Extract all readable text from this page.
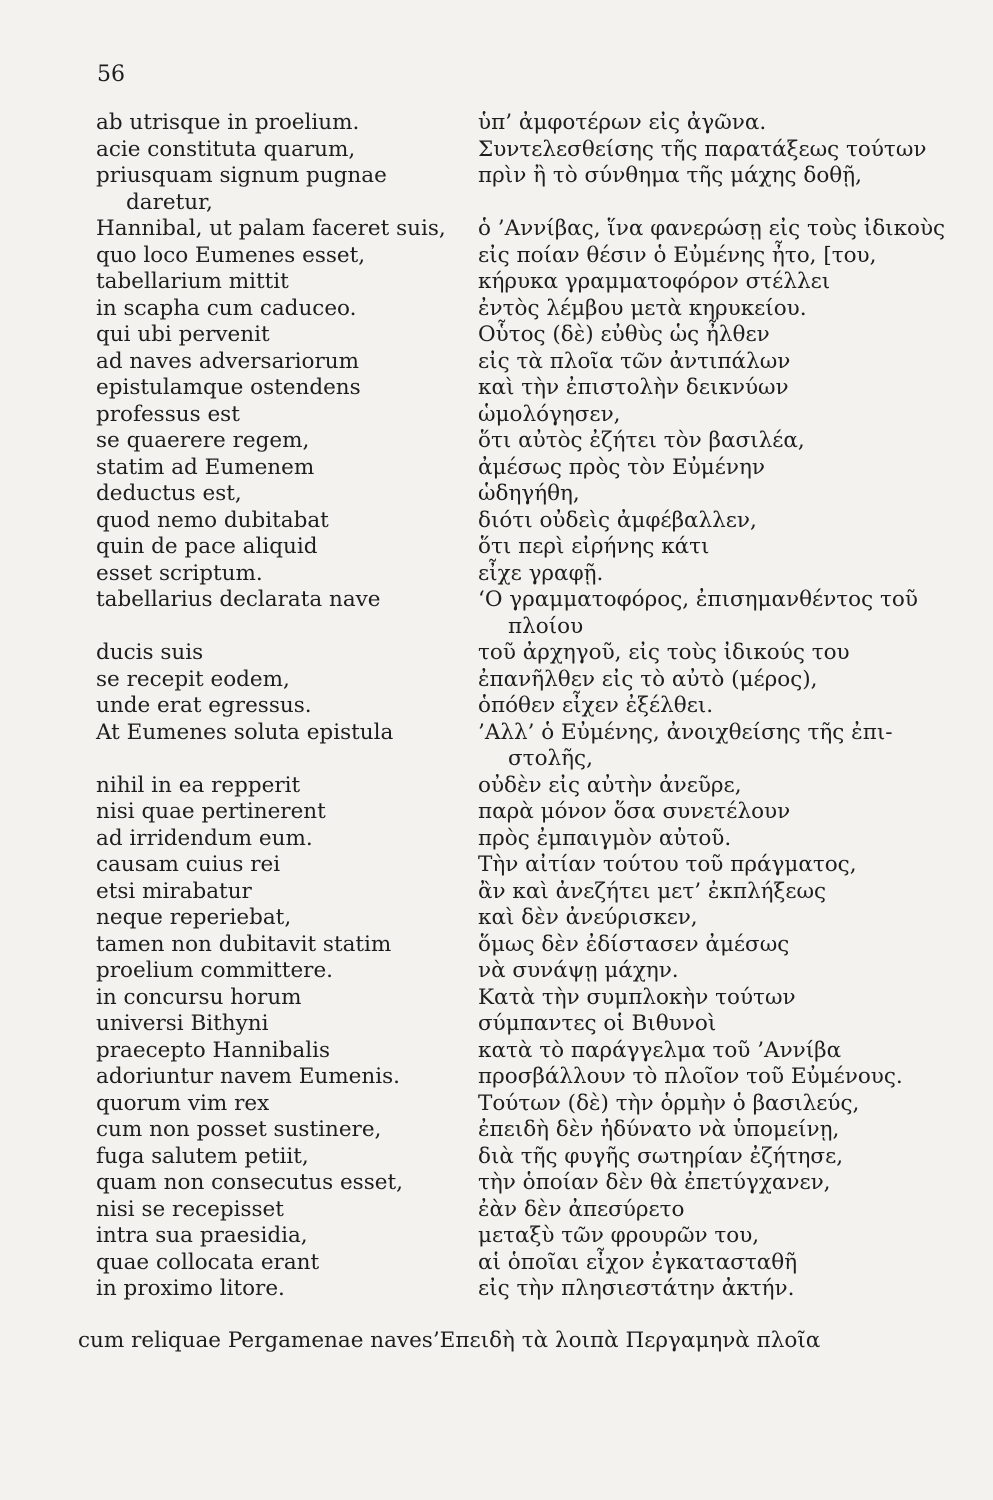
56
ab utrisque in proelium.
acie constituta quarum,
priusquam signum pugnae
daretur,
Hannibal, ut palam faceret suis,
quo loco Eumenes esset,
tabellarium mittit
in scapha cum caduceo.
qui ubi pervenit
ad naves adversariorum
epistulamque ostendens
professus est
se quaerere regem,
statim ad Eumenem
deductus est,
quod nemo dubitabat
quin de pace aliquid
esset scriptum.
tabellarius declarata nave
ducis suis
se recepit eodem,
unde erat egressus.
At Eumenes soluta epistula
nihil in ea repperit
nisi quae pertinerent
ad irridendum eum.
causam cuius rei
etsi mirabatur
neque reperiebat,
tamen non dubitavit statim
proelium committere.
in concursu horum
universi Bithyni
praecepto Hannibalis
adoriuntur navem Eumenis.
quorum vim rex
cum non posset sustinere,
fuga salutem petiit,
quam non consecutus esset,
nisi se recepisset
intra sua praesidia,
quae collocata erant
in proximo litore.
ὑπ’ ἀμφοτέρων εἰς ἀγῶνα.
Συντελεσθείσης τῆς παρατάξεως τούτων
πρὶν ἢ τὸ σύνθημα τῆς μάχης δοθῇ,
ὁ ’Αννίβας, ἵνα φανερώσῃ εἰς τοὺς ἰδικοὺς
εἰς ποίαν θέσιν ὁ Εὐμένης ἦτο, [του,
κήρυκα γραμματοφόρον στέλλει
ἐντὸς λέμβου μετὰ κηρυκείου.
Οὗτος (δὲ) εὐθὺς ὡς ἦλθεν
εἰς τὰ πλοῖα τῶν ἀντιπάλων
καὶ τὴν ἐπιστολὴν δεικνύων
ὡμολόγησεν,
ὅτι αὐτὸς ἐζήτει τὸν βασιλέα,
ἀμέσως πρὸς τὸν Εὐμένην
ὡδηγήθη,
διότι οὐδεὶς ἀμφέβαλλεν,
ὅτι περὶ εἰρήνης κάτι
εἶχε γραφῇ.
‘Ο γραμματοφόρος, ἐπισημανθέντος τοῦ
πλοίου
τοῦ ἀρχηγοῦ, εἰς τοὺς ἰδικούς του
ἐπανῆλθεν εἰς τὸ αὐτὸ (μέρος),
ὁπόθεν εἶχεν ἐξέλθει.
’Αλλ’ ὁ Εὐμένης, ἀνοιχθείσης τῆς ἐπι-
στολῆς,
οὐδὲν εἰς αὐτὴν ἀνεῦρε,
παρὰ μόνον ὅσα συνετέλουν
πρὸς ἐμπαιγμὸν αὐτοῦ.
Τὴν αἰτίαν τούτου τοῦ πράγματος,
ἂν καὶ ἀνεζήτει μετ’ ἐκπλήξεως
καὶ δὲν ἀνεύρισκεν,
ὅμως δὲν ἐδίστασεν ἀμέσως
νὰ συνάψῃ μάχην.
Κατὰ τὴν συμπλοκὴν τούτων
σύμπαντες οἱ Βιθυνοὶ
κατὰ τὸ παράγγελμα τοῦ ’Αννίβα
προσβάλλουν τὸ πλοῖον τοῦ Εὐμένους.
Τούτων (δὲ) τὴν ὁρμὴν ὁ βασιλεύς,
ἐπειδὴ δὲν ἠδύνατο νὰ ὑπομείνῃ,
διὰ τῆς φυγῆς σωτηρίαν ἐζήτησε,
τὴν ὁποίαν δὲν θὰ ἐπετύγχανεν,
ἐὰν δὲν ἀπεσύρετο
μεταξὺ τῶν φρουρῶν του,
αἱ ὁποῖαι εἶχον ἐγκατασταθῆ
εἰς τὴν πλησιεστάτην ἀκτήν.
cum reliquae Pergamenae naves’Επειδὴ τὰ λοιπὰ Περγαμηνὰ πλοῖα
